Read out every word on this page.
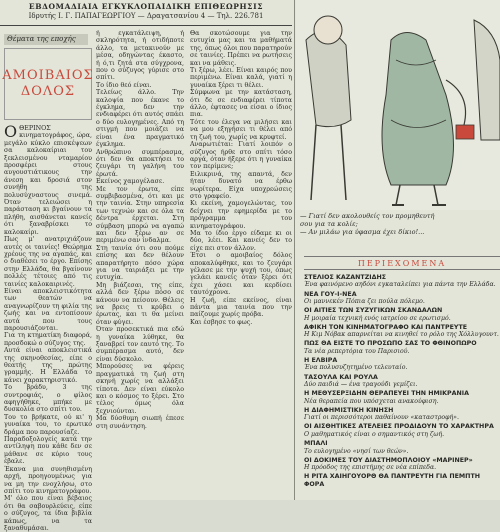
ΕΒΔΟΜΑΔΙΑΙΑ ΕΓΚΥΚΛΟΠΑΙΔΙΚΗ ΕΠΙΘΕΩΡΗΣΙΣ
Ιδρυτής Ι. Γ. ΠΑΠΑΓΕΩΡΓΙΟΥ — Δραγατσανίου 4 — Τηλ. 226.781
Θέματα της εποχής
ΑΜΟΙΒΑΙΟΣ
ΔΟΛΟΣ
Ο ΘΕΡΙΝΟΣ κινηματογράφος, ώρα, μεγάλο κύκλο επισκέψεων σα καλοκαίριαι του ξεκλεισμένου νταμαρίου προσφέρει στους αυγουστιάτικους την άνεση και δροσιά στον συνήθη της πολυσύχναστους σινεμά. Όταν τελειώσει η παράσταση κι βγαίνουν τα πλήθη, αισθάνεται κανείς ότι ξαναβρίσκει το καλοκαίρι.

Πως μ' ανατριχιάζουν αυτές οι ταινίες! Θεώρημα χρέους της να αγαπάς, και ο διαθέσει το έργο. Επίσης στην Ελλάδα, θα βγαίνουν πολλές τέτοιες από τις ταινίες καλοκαιρινές.

Είναι αποκλειστικότητα των θεατών να αναγνωρίζουν τη φιλία της ζωής και να εντοπίσουν αυτά που τους παρουσιάζονται.

Για τη κτηματίκη διαφορά, προσδοκώ ο σύζυγος της.

Αυτά είναι αποκλειστικά της σκηνοθεσίας, είπε ο θεατής της πρώτης γραμμής. Η Ελλάδα το κάνει χαρακτηριστικό.

Το βράδυ, 3 της συντροφιάς, ο φίλος αφηγήθηκε, μπήκε με δυσκολία στο σπίτι του.

Του το βρήκατε, ού κι' η γυναίκα του, το ερωτικό δράμα που παρουσίαζε.

Παραδοξολογείς κατά την αντίληψη που κάθε δεν σε μάθανε σε κύριο τους έβαλε.

Έκανα μια συνηθισμένη αρχή, προηγουμένως για να μη την ενοχλήσω, στο σπίτι του κινηματογράφου.

Μ' όλο που είναι βέβαιος ότι θα σαβουρλεύεις, είπε ο σύζυγος, τα ίδια βιβλία κάπως, να τα ξαναθυμάσαι.

ή εγκατάλειψη, ή σκληρότητα, ή οτιδήποτε άλλο, τα μετακινούν με μέσα, οδηγώντας έκαστο, ή ό,τι ζητά στα σύγχρονα, που ο σύζυγος γύρισε στο σπίτι.

Το ίδιο θεό είναι.

Τελείως άλλο. Την καλοψία που έκανε το έγκλημα, δεν την ενδιαφέρει ότι αυτός σπάει ο δύο ευλογημένες. Από τη στιγμή που μοιάζει να είναι ένα πραγματικό έγκλημα.

Ανθρώπινο συμπέρασμα, ότι δεν θα αποκτήσει το ζευγάρι τη γαλήνη του έρωτά.

Εκείνος χαμογέλασε.

Με τον έρωτα, είπε συμβιβασμένα, ότι και με την ταινία. Στην υπηρεσία των τεχνών και σε όλα τα δέντρα έρχεται. Στη σύμβαση μπορώ να αγαπώ και δεν ξέρω αν σε περιμένω σαν ίνδαλμα.

Στη ταινία ότι σου πούμε επίσης και δεν θέλουν απαρατήρητο πόσο χώρα για να ταιριάξει με την ευτυχία.

Μη βιάζεσαι, της είπε, αλλά δεν ξέρω πόσο σε κάνουν να πείσουν. Θέλεις να βρεις τι κρύβει ο έρωτας, και τι θα μείνει όταν φύγει.

Όταν προσεκτικά πια εδώ η γυναίκα λύθηκε, θα ξαναβρεί τον εαυτό της. Το συμπέρασμα αυτό, δεν είναι δύσκολο.

Μπορούσες να φέρεις πραγματικά τη ζωή στη σκηνή χωρίς να αλλάξει τίποτα. Δεν είναι εύκολο και ο κόσμος το ξέρει. Στο τέλος όμως όλα ξεχνιούνται.

Μα δύσθυμη σιωπή έπεσε στη συνάντηση.

Θα σκοτώσουμε για την ευτυχία μας και τα μαθήματά της, όπως όλοι που παρατηρούν σε ταινίες. Πρέπει να ρωτήσεις και να μάθεις.

Τι ξέρω, λέει. Είναι καιρός που περιμένω. Είναι καλά, γιατί η γυναίκα ξέρει τι θέλει.

Σύμφωνα με την κατάσταση, ότι δε σε ενδιαφέρει τίποτα άλλο, έφτασες να είσαι ο ίδιος πια.

Τότε του έλεγα να μιλήσει και να μου εξηγήσει τι θέλει από τη ζωή του, χωρίς να κρυφτεί.

Αναρωτιέται: Γιατί λοιπόν ο σύζυγος ήρθε στο σπίτι τόσο αργά, όταν ήξερε ότι η γυναίκα τον περίμενε;

Ειλικρινά, της απαντά, δεν ήταν δυνατό να έρθω νωρίτερα. Είχα υποχρεώσεις στο γραφείο.

Κι εκείνη, χαμογελώντας, του δείχνει την εφημερίδα με το πρόγραμμα του κινηματογράφου.

Μα το ίδιο έργο είδαμε κι οι δύο, λέει. Και κανείς δεν το είχε πει στον άλλον.

Έτσι ο αμοιβαίος δόλος αποκαλύφθηκε, και το ζευγάρι γέλασε με την ψυχή του, όπως γελάει κανείς όταν ξέρει ότι έχει χάσει και κερδίσει ταυτόχρονα.

Η ζωή, είπε εκείνος, είναι πάντα μια ταινία που την παίζουμε χωρίς πρόβα.

Και έσβησε το φως.

— Γιατί δεν ακολουθείς τον προμηθευτή
σου για τα κολίε;
— Αν μιλάω για ύφασμα έχει δίκιο!...
ΠΕΡΙΕΧΟΜΕΝΑ
ΣΤΕΛΙΟΣ ΚΑΖΑΝΤΖΙΔΗΣ
Ένα φαινόμενο αηδόνι εγκαταλείπει για πάντα την Ελλάδα.
ΝΕΑ ΓΟΥ-Ι-ΝΕΑ
Οι μαννεκέν Πόπια ζει πούλα πόλεμο.
ΟΙ ΑΙΤΙΕΣ ΤΩΝ ΣΥΖΥΓΙΚΩΝ ΣΚΑΝΔΑΛΩΝ
Η μοιραία τεχνική ενός ιατρείου σε ερωτισμό.
ΑΦΙΚΗ ΤΟΝ ΚΙΝΗΜΑΤΟΓΡΑΦΟ ΚΑΙ ΠΑΝΤΡΕΥΤΕ
Η Κιμ Νόβακ απαρνείται να κινηθεί το ρόλο της Χόλλυγουντ.
ΠΩΣ ΘΑ ΕΙΣΤΕ ΤΟ ΠΡΟΣΩΠΟ ΣΑΣ ΤΟ ΦΘΙΝΟΠΩΡΟ
Τα νέα ρεπερτόρια του Παρισιού.
Η ΕΛΒΙΡΑ
Ένα πολυσυζητημένο τελευταίο.
ΤΑΣΟΥΛΑ ΚΑΙ ΡΟΥΛΑ
Δύο παιδιά — ένα τραγούδι γεμίζει.
Η ΜΕΘΥΣΕΡΞΙΔΗΝ ΘΕΡΑΠΕΥΕΙ ΤΗΝ ΗΜΙΚΡΑΝΙΑ
Νέα θεραπεία που υπόσχεται ανακούφιση.
Η ΔΙΑΦΗΜΙΣΤΙΚΗ ΚΙΝΗΣΗ
Γιατί οι περισσότεροι παθαίνουν «καταστροφή».
ΟΙ ΑΙΣΘΗΤΙΚΕΣ ΑΤΕΛΕΙΕΣ ΠΡΟΔΙΔΟΥΝ ΤΟ ΧΑΡΑΚΤΗΡΑ
Ο μαθηματικός είναι ο σημαντικός στη ζωή.
ΜΠΑΛΙ
Το ευλογημένο «νησί των θεών».
ΟΙ ΔΟΚΙΜΕΣ ΤΟΥ ΔΙΑΣΤΗΜΟΠΛΟΙΟΥ «ΜΑΡΙΝΕΡ»
Η πρόοδος της επιστήμης σε νέα επίπεδα.
Η ΡΙΤΑ ΧΑΙΗΓΟΥΟΡΘ ΘΑ ΠΑΝΤΡΕΥΤΗ ΓΙΑ ΠΕΜΠΤΗ ΦΟΡΑ
